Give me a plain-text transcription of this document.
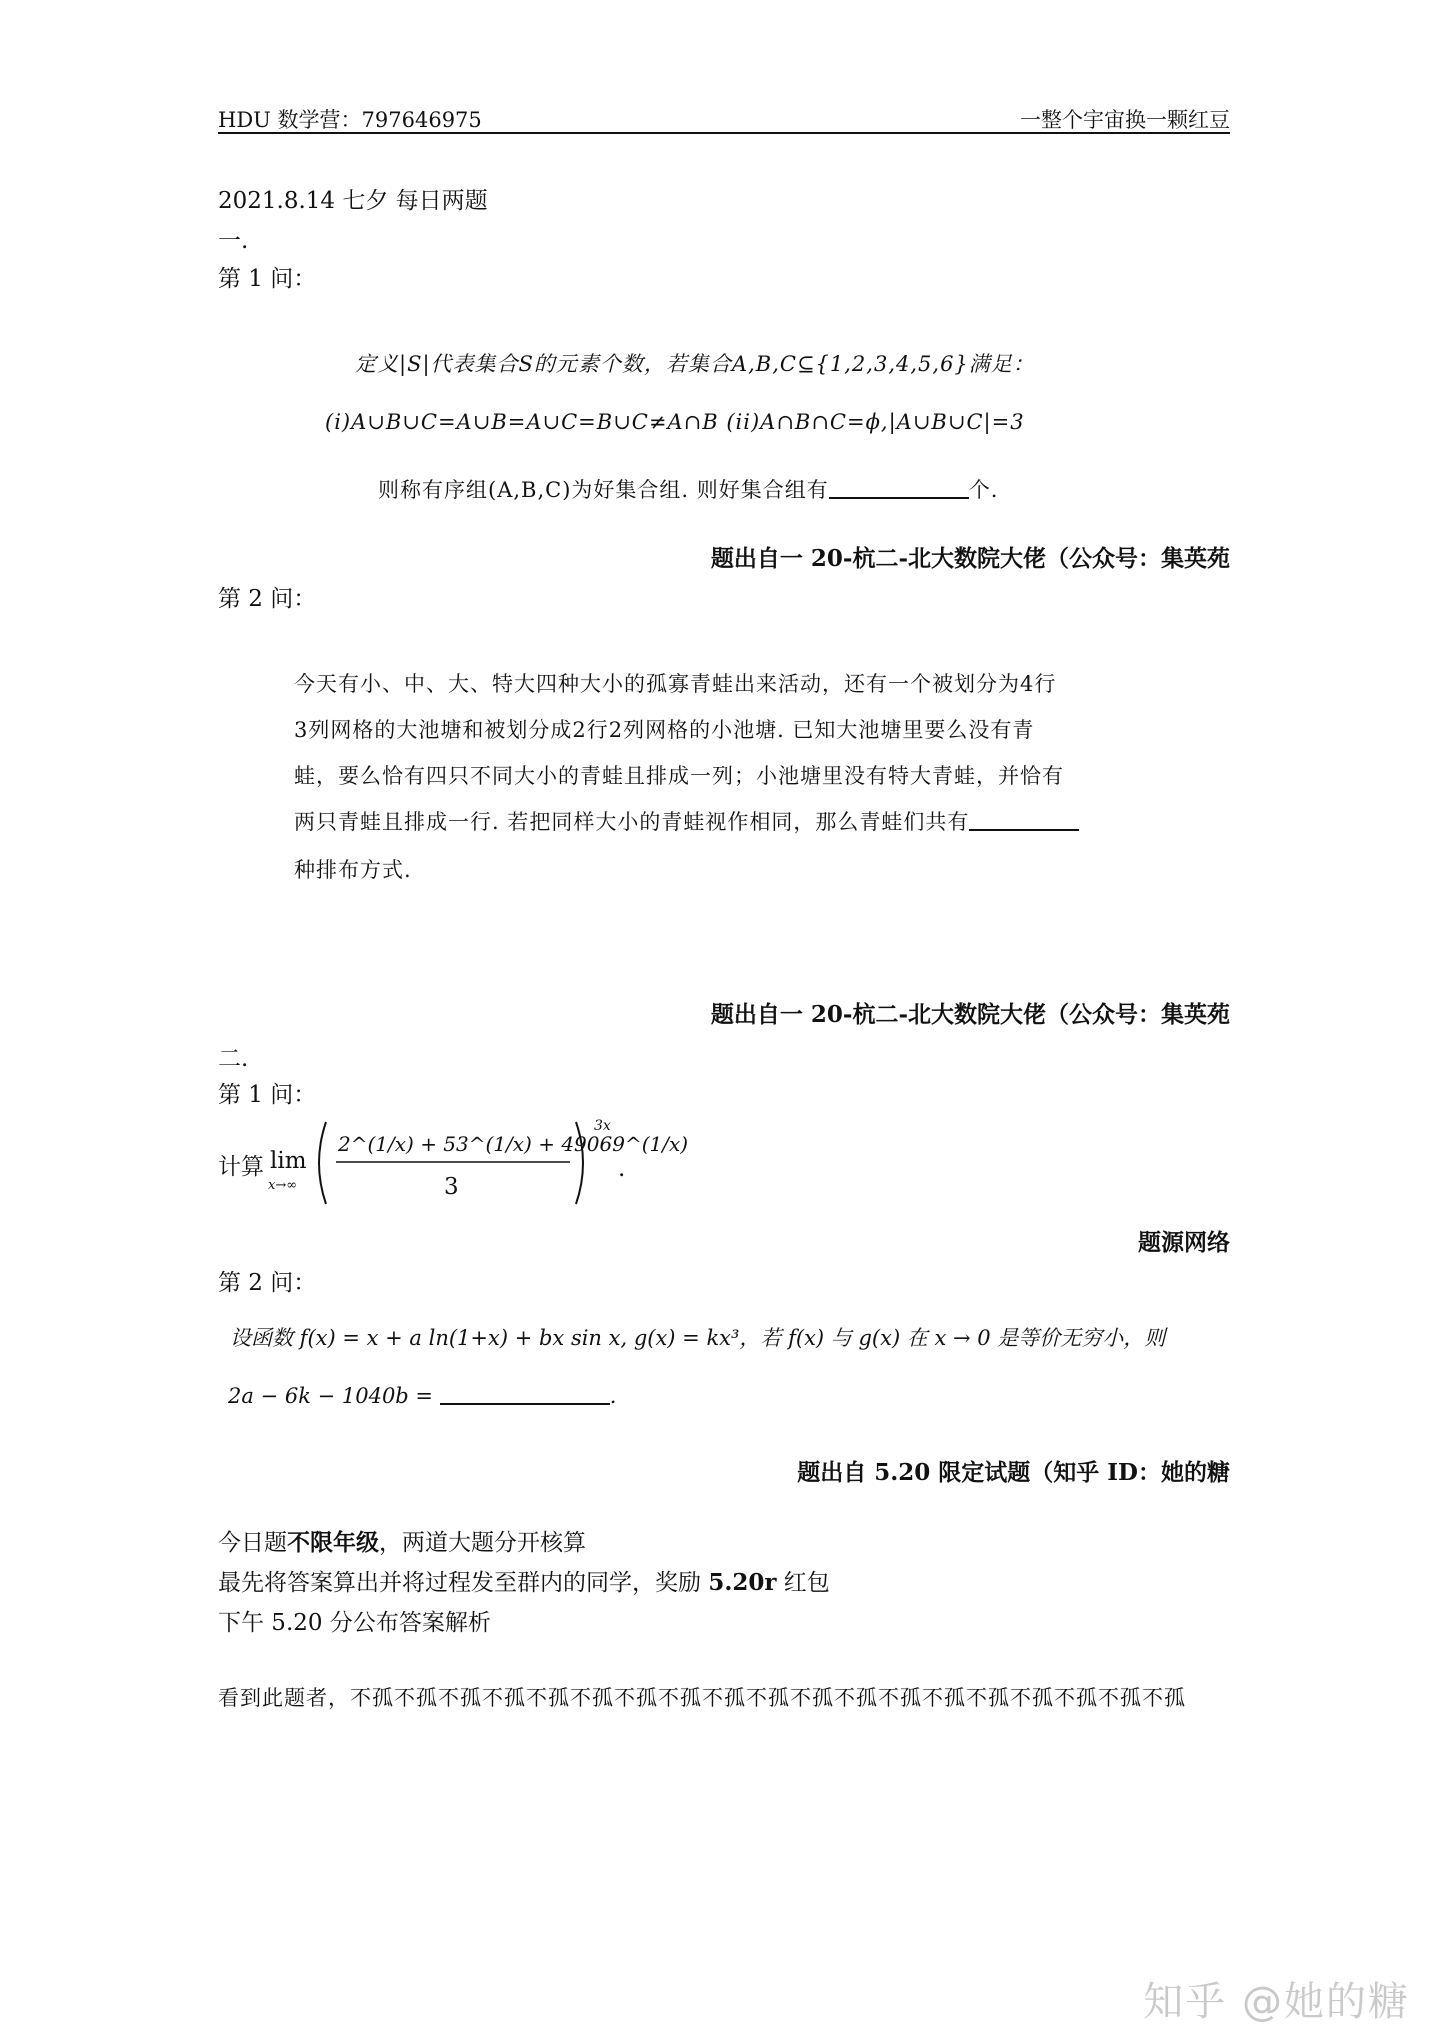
HDU 数学营：797646975	一整个宇宙换一颗红豆
2021.8.14 七夕 每日两题
一.
第 1 问：
定义|S|代表集合S的元素个数，若集合A,B,C⊆{1,2,3,4,5,6}满足：
(i)A∪B∪C=A∪B=A∪C=B∪C≠A∩B (ii)A∩B∩C=ϕ,|A∪B∪C|=3
则称有序组(A,B,C)为好集合组. 则好集合组有	个.
题出自一 20-杭二-北大数院大佬（公众号：集英苑
第 2 问：
今天有小、中、大、特大四种大小的孤寡青蛙出来活动，还有一个被划分为4行
3列网格的大池塘和被划分成2行2列网格的小池塘. 已知大池塘里要么没有青
蛙，要么恰有四只不同大小的青蛙且排成一列；小池塘里没有特大青蛙，并恰有
两只青蛙且排成一行. 若把同样大小的青蛙视作相同，那么青蛙们共有
种排布方式.
题出自一 20-杭二-北大数院大佬（公众号：集英苑
二.
第 1 问：
计算 lim
x→∞
2^(1/x) + 53^(1/x) + 49069^(1/x)
3
3x
.
题源网络
第 2 问：
设函数 f(x) = x + a ln(1+x) + bx sin x, g(x) = kx³，若 f(x) 与 g(x) 在 x → 0 是等价无穷小，则
2a − 6k − 1040b =	.
题出自 5.20 限定试题（知乎 ID：她的糖
今日题不限年级，两道大题分开核算
最先将答案算出并将过程发至群内的同学，奖励 5.20r 红包
下午 5.20 分公布答案解析
看到此题者，不孤不孤不孤不孤不孤不孤不孤不孤不孤不孤不孤不孤不孤不孤不孤不孤不孤不孤不孤
知乎 @她的糖
